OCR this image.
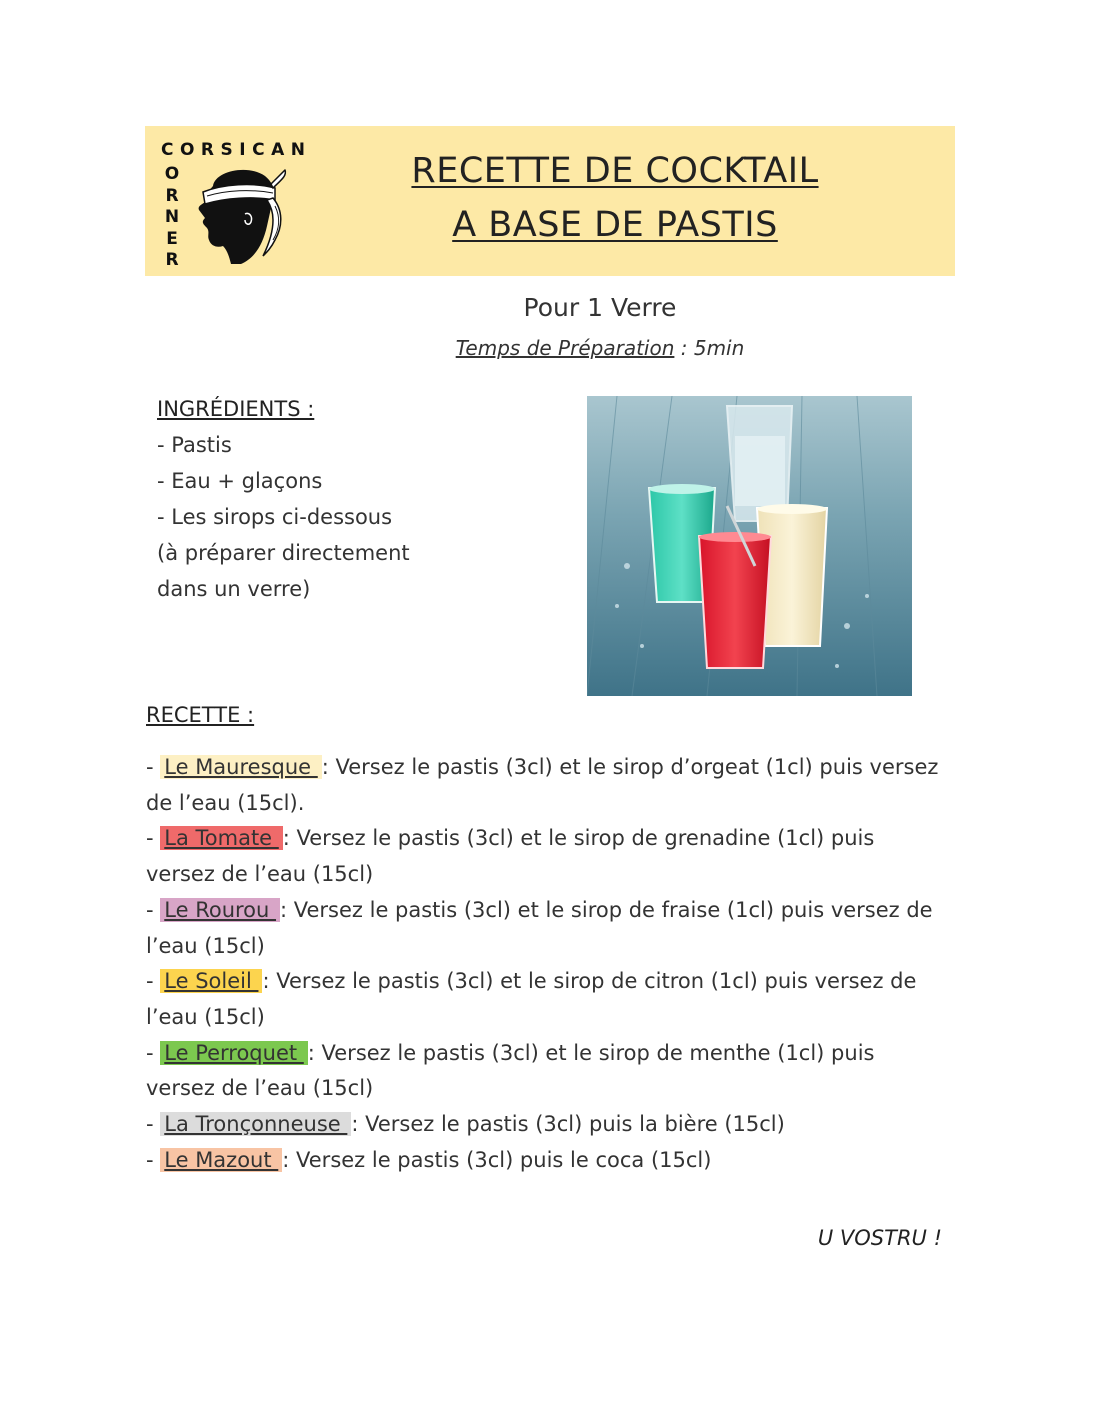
CORSICAN
O
R
N
E
R
RECETTE DE COCKTAIL
A BASE DE PASTIS
Pour 1 Verre
Temps de Préparation : 5min
INGRÉDIENTS :
- Pastis
- Eau + glaçons
- Les sirops ci-dessous
(à préparer directement
dans un verre)
RECETTE :
- Le Mauresque : Versez le pastis (3cl) et le sirop d’orgeat (1cl) puis versez de l’eau (15cl).
- La Tomate : Versez le pastis (3cl) et le sirop de grenadine (1cl) puis versez de l’eau (15cl)
- Le Rourou : Versez le pastis (3cl) et le sirop de fraise (1cl) puis versez de l’eau (15cl)
- Le Soleil : Versez le pastis (3cl) et le sirop de citron (1cl) puis versez de l’eau (15cl)
- Le Perroquet : Versez le pastis (3cl) et le sirop de menthe (1cl) puis versez de l’eau (15cl)
- La Tronçonneuse : Versez le pastis (3cl) puis la bière (15cl)
- Le Mazout : Versez le pastis (3cl) puis le coca (15cl)
U VOSTRU !
